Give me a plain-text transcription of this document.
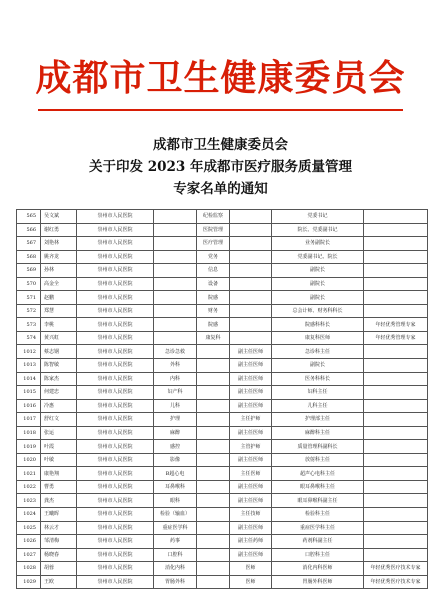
成都市卫生健康委员会
成都市卫生健康委员会
关于印发 2023 年成都市医疗服务质量管理
专家名单的通知
565	吴文斌	崇州市人民医院		纪检监察		党委书记	
566	谢红勇	崇州市人民医院		医院管理		院长、党委副书记	
567	刘艳林	崇州市人民医院		医疗管理		业务副院长	
568	姚齐龙	崇州市人民医院		党务		党委副书记、院长	
569	孙林	崇州市人民医院		信息		副院长	
570	高金全	崇州市人民医院		设备		副院长	
571	赵鹏	崇州市人民医院		院感		副院长	
572	郑慧	崇州市人民医院		财务		总会计师、财务科科长	
573	李桃	崇州市人民医院		院感		院感科科长	年轻优秀管理专家
574	黄兴虹	崇州市人民医院		康复科		康复科医师	年轻优秀管理专家
1012	蔡志钢	崇州市人民医院	急诊急救		副主任医师	急诊科主任	
1013	陈智敏	崇州市人民医院	外科		副主任医师	副院长	
1014	陈家杰	崇州市人民医院	内科		副主任医师	医务科科长	
1015	何建忠	崇州市人民医院	妇产科		副主任医师	妇科主任	
1016	冷惠	崇州市人民医院	儿科		副主任医师	儿科主任	
1017	舒红文	崇州市人民医院	护理		主任护师	护理部主任	
1018	张运	崇州市人民医院	麻醉		副主任医师	麻醉科主任	
1019	叶霞	崇州市人民医院	感控		主管护师	质量管理科副科长	
1020	叶敏	崇州市人民医院	影像		副主任医师	放射科主任	
1021	康艳翔	崇州市人民医院	B超心电		主任医师	超声心电科主任	
1022	曹勇	崇州市人民医院	耳鼻喉科		副主任医师	眼耳鼻喉科主任	
1023	龚杰	崇州市人民医院	眼科		副主任医师	眼耳鼻喉科副主任	
1024	王曦晖	崇州市人民医院	检验（输血）		主任技师	检验科主任	
1025	林云才	崇州市人民医院	重症医学科		副主任医师	重症医学科主任	
1026	邹清梅	崇州市人民医院	药事		副主任药师	药剂科副主任	
1027	杨晓春	崇州市人民医院	口腔科		副主任医师	口腔科主任	
1028	胡蓉	崇州市人民医院	消化内科		医师	消化内科医师	年轻优秀医疗技术专家
1029	王欧	崇州市人民医院	胃肠外科		医师	胃肠外科医师	年轻优秀医疗技术专家
